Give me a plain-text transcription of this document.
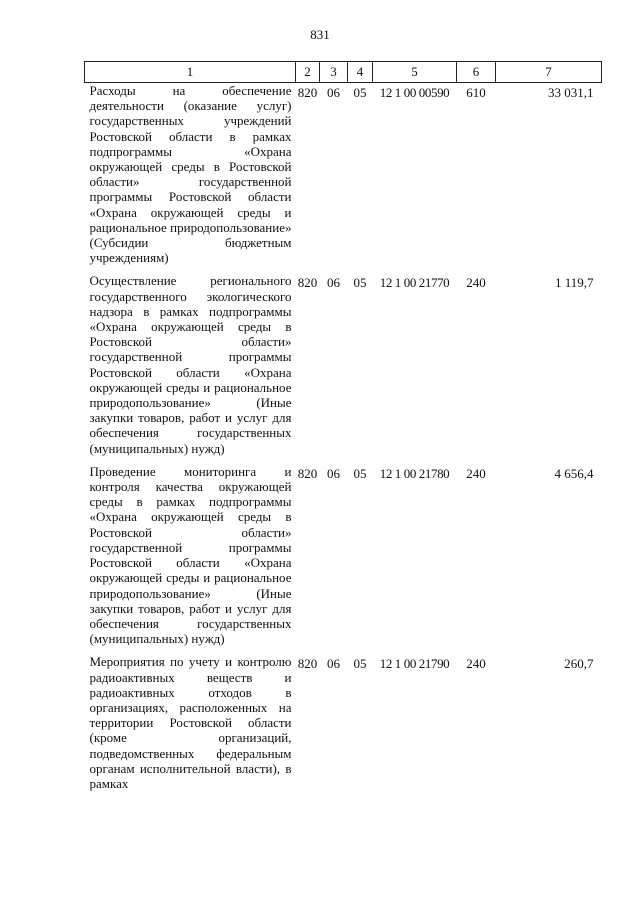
831
1	2	3	4	5	6	7
Расходы на обеспечение деятельности (оказание услуг) государственных учреждений Ростовской области в рамках подпрограммы «Охрана окружающей среды в Ростовской области» государственной программы Ростовской области «Охрана окружающей среды и рациональное природопользование» (Субсидии бюджетным учреждениям)	820	06	05	12 1 00 00590	610	33 031,1
Осуществление регионального государственного экологического надзора в рамках подпрограммы «Охрана окружающей среды в Ростовской области» государственной программы Ростовской области «Охрана окружающей среды и рациональное природопользование» (Иные закупки товаров, работ и услуг для обеспечения государственных (муниципальных) нужд)	820	06	05	12 1 00 21770	240	1 119,7
Проведение мониторинга и контроля качества окружающей среды в рамках подпрограммы «Охрана окружающей среды в Ростовской области» государственной программы Ростовской области «Охрана окружающей среды и рациональное природопользование» (Иные закупки товаров, работ и услуг для обеспечения государственных (муниципальных) нужд)	820	06	05	12 1 00 21780	240	4 656,4
Мероприятия по учету и контролю радиоактивных веществ и радиоактивных отходов в организациях, расположенных на территории Ростовской области (кроме организаций, подведомственных федеральным органам исполнительной власти), в рамках	820	06	05	12 1 00 21790	240	260,7
